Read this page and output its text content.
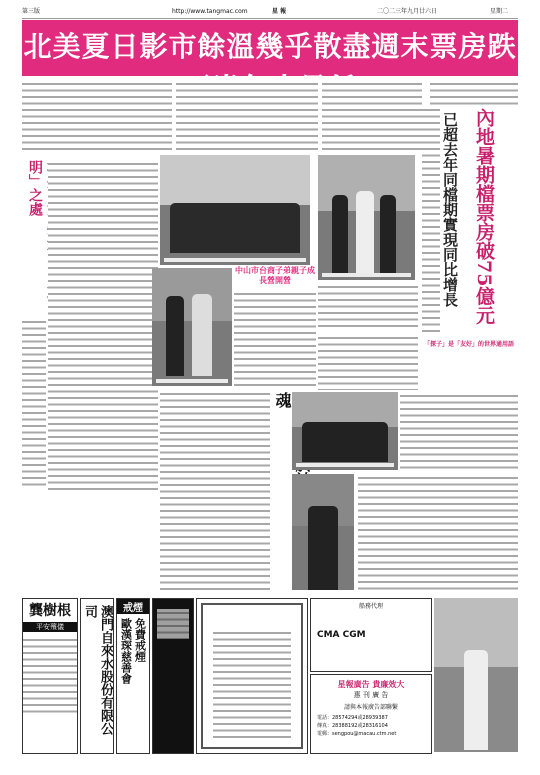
第三版	http://www.tangmac.com	星 報	二〇二三年九月廿六日	星期二
北美夏日影市餘溫幾乎散盡週末票房跌
內地暑期檔票房破75億元
已超去年同檔期實現同比增長
明」之處
中山市台商子弟親子成長營開營
「探子」是「友好」的世界通用語
於詩 魂
龔樹根
平安殯儀	澳門自來水股份有限公司	戒煙
歐漢琛慈善會 免費戒煙
船務代理
CMA CGM
星報廣告 貴廉效大
惠 刊 廣 告
請與本報廣告部聯繫
電話：28574294或28939387
傳真：28388192或28316104
電郵：sengpou@macau.ctm.net
